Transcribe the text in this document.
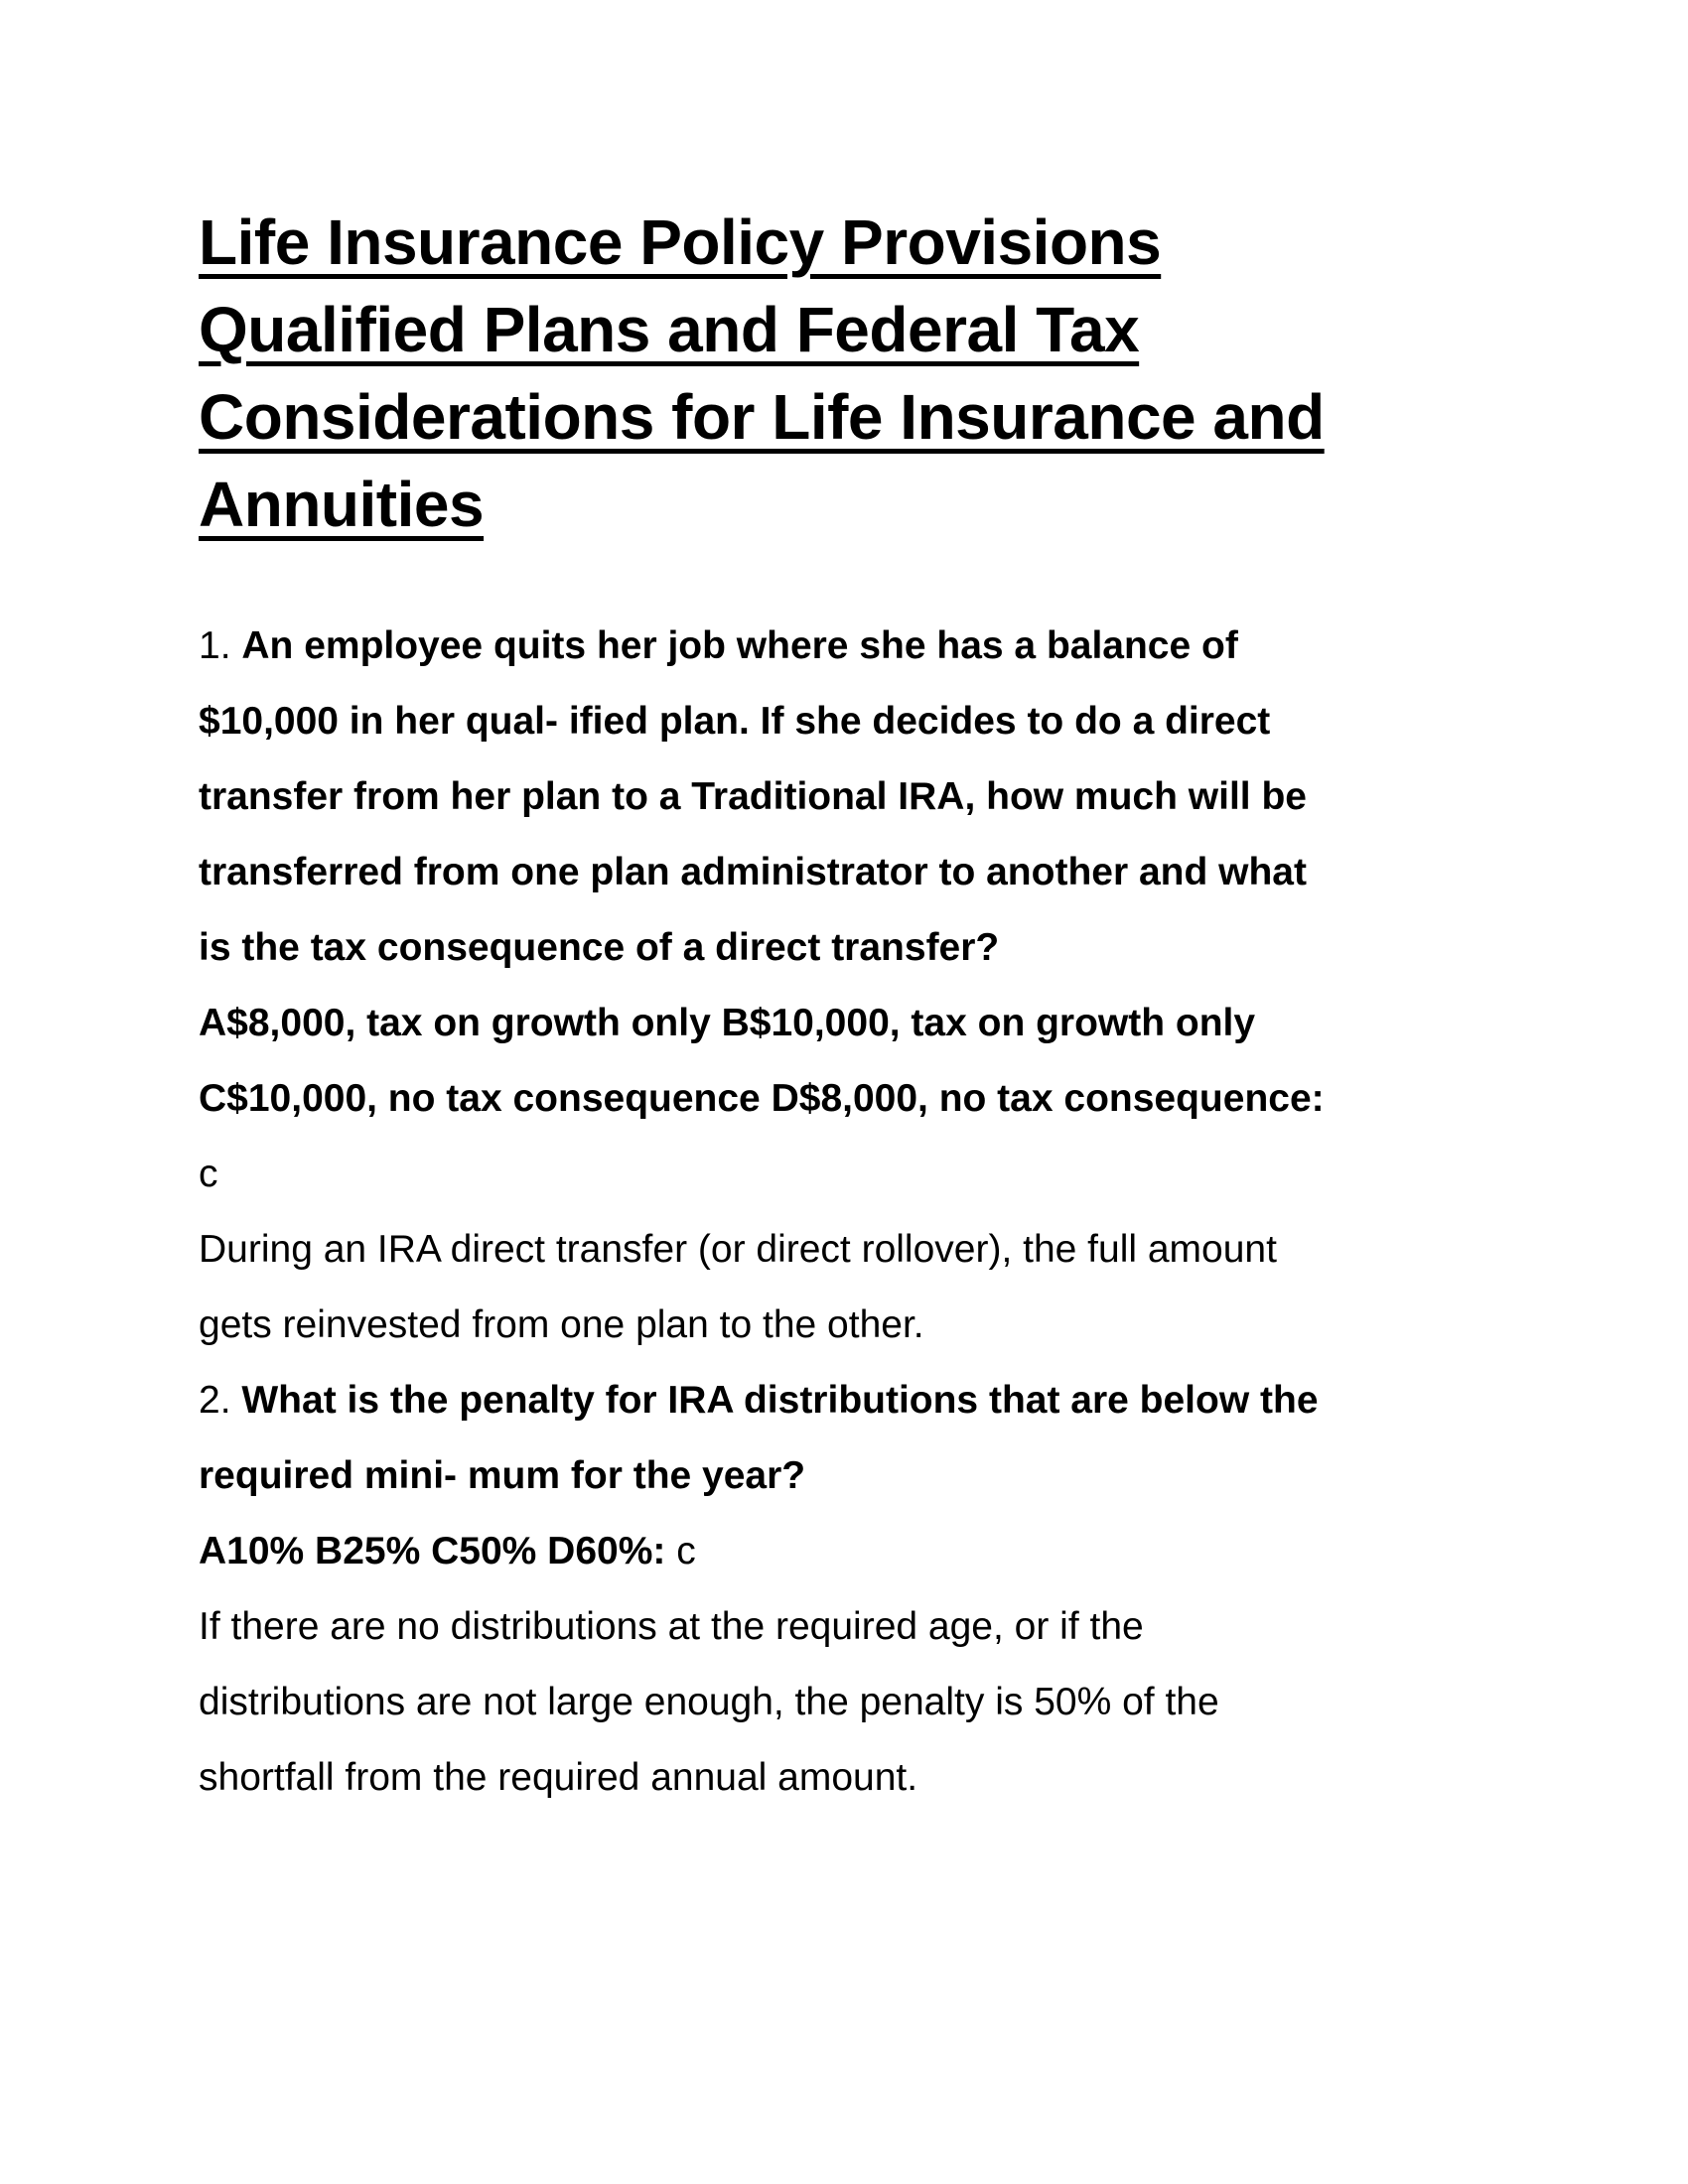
Life Insurance Policy Provisions
Qualified Plans and Federal Tax
Considerations for Life Insurance and
Annuities
1. An employee quits her job where she has a balance of
$10,000 in her qual- ified plan. If she decides to do a direct
transfer from her plan to a Traditional IRA, how much will be
transferred from one plan administrator to another and what
is the tax consequence of a direct transfer?
A$8,000, tax on growth only B$10,000, tax on growth only
C$10,000, no tax consequence D$8,000, no tax consequence:
c
During an IRA direct transfer (or direct rollover), the full amount
gets reinvested from one plan to the other.
2. What is the penalty for IRA distributions that are below the
required mini- mum for the year?
A10% B25% C50% D60%: c
If there are no distributions at the required age, or if the
distributions are not large enough, the penalty is 50% of the
shortfall from the required annual amount.
